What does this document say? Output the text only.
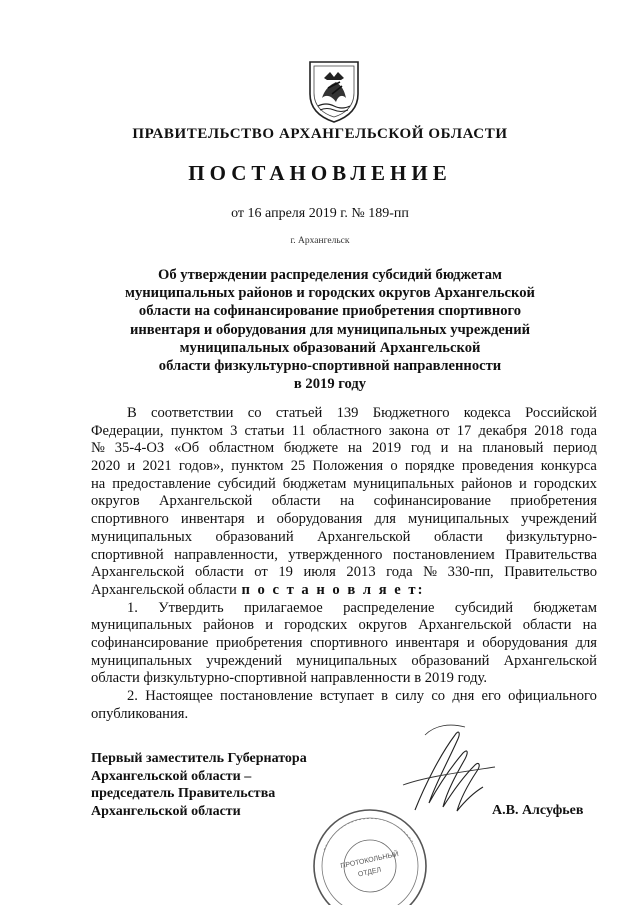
ПРАВИТЕЛЬСТВО АРХАНГЕЛЬСКОЙ ОБЛАСТИ
ПОСТАНОВЛЕНИЕ
от 16 апреля 2019 г. № 189-пп
г. Архангельск
Об утверждении распределения субсидий бюджетам
муниципальных районов и городских округов Архангельской
области на софинансирование приобретения спортивного
инвентаря и оборудования для муниципальных учреждений
муниципальных образований Архангельской
области физкультурно-спортивной направленности
в 2019 году
В соответствии со статьей 139 Бюджетного кодекса Российской
Федерации, пунктом 3 статьи 11 областного закона от 17 декабря 2018 года
№ 35-4-ОЗ «Об областном бюджете на 2019 год и на плановый период
2020 и 2021 годов», пунктом 25 Положения о порядке проведения конкурса
на предоставление субсидий бюджетам муниципальных районов и городских
округов Архангельской области на софинансирование приобретения
спортивного инвентаря и оборудования для муниципальных учреждений
муниципальных образований Архангельской области физкультурно-
спортивной направленности, утвержденного постановлением Правительства
Архангельской области от 19 июля 2013 года № 330-пп, Правительство
Архангельской области п о с т а н о в л я е т:
1. Утвердить прилагаемое распределение субсидий бюджетам
муниципальных районов и городских округов Архангельской области на
софинансирование приобретения спортивного инвентаря и оборудования для
муниципальных учреждений муниципальных образований Архангельской
области физкультурно-спортивной направленности в 2019 году.
2. Настоящее постановление вступает в силу со дня его официального
опубликования.
Первый заместитель Губернатора
Архангельской области –
председатель Правительства
Архангельской области	А.В. Алсуфьев
ПРОТОКОЛЬНЫЙ
ОТДЕЛ
